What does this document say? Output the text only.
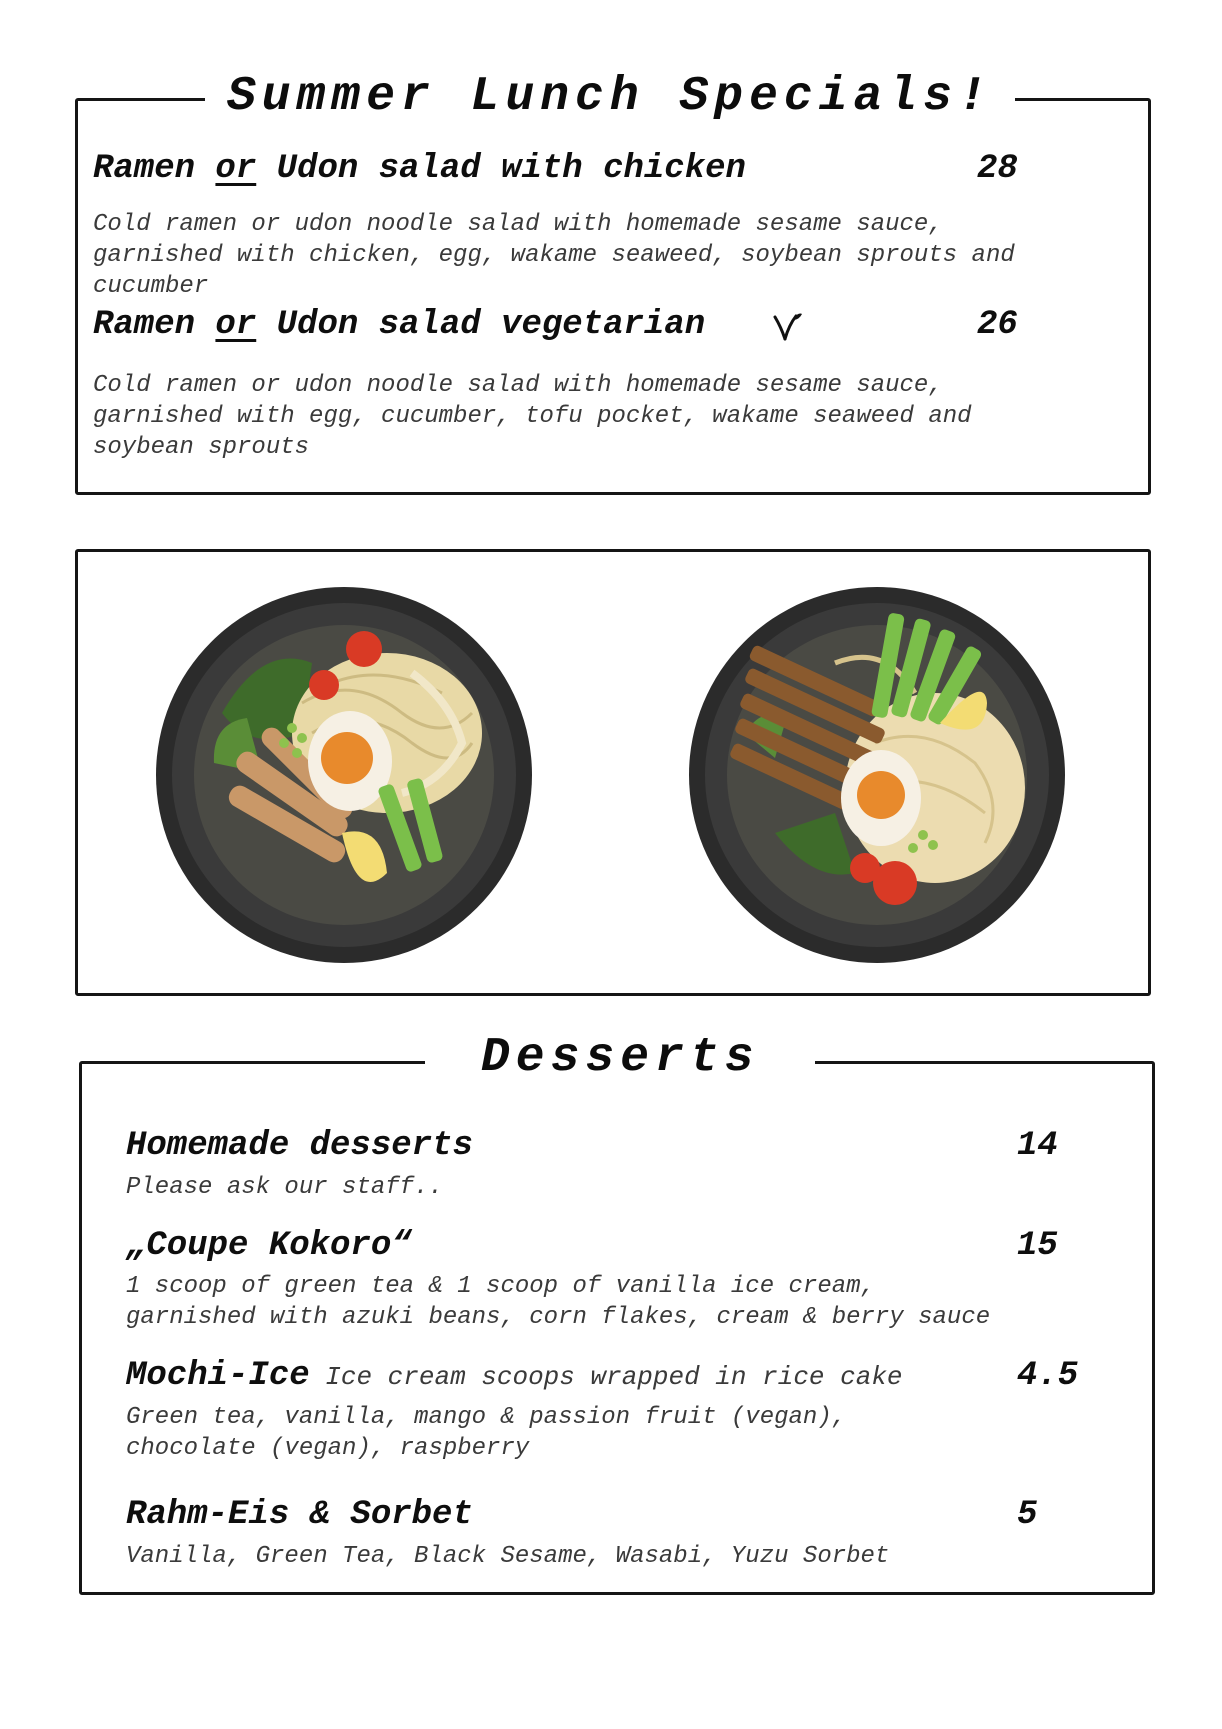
Summer Lunch Specials!
Ramen or Udon salad with chicken	28
Cold ramen or udon noodle salad with homemade sesame sauce,
garnished with chicken, egg, wakame seaweed, soybean sprouts and
cucumber
Ramen or Udon salad vegetarian	26
Cold ramen or udon noodle salad with homemade sesame sauce,
garnished with egg, cucumber, tofu pocket, wakame seaweed and
soybean sprouts
Desserts
Homemade desserts	14
Please ask our staff..
„Coupe Kokoro“	15
1 scoop of green tea & 1 scoop of vanilla ice cream,
garnished with azuki beans, corn flakes, cream & berry sauce
Mochi-Ice Ice cream scoops wrapped in rice cake	4.5
Green tea, vanilla, mango & passion fruit (vegan),
chocolate (vegan), raspberry
Rahm-Eis & Sorbet	5
Vanilla, Green Tea, Black Sesame, Wasabi, Yuzu Sorbet
